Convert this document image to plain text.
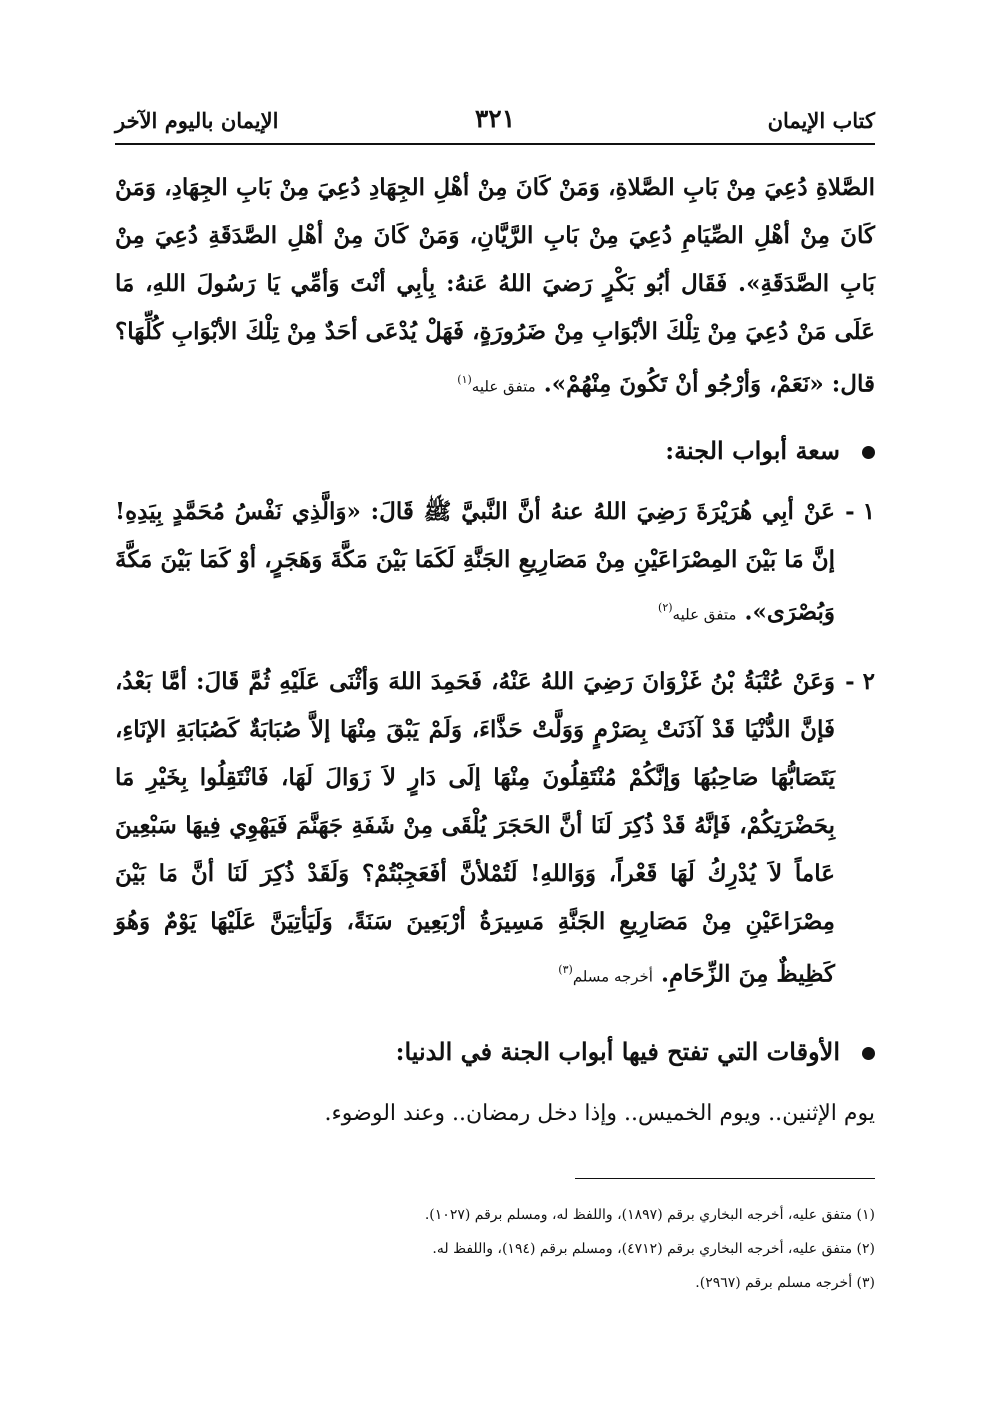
كتاب الإيمان
٣٢١
الإيمان باليوم الآخر
الصَّلاةِ دُعِيَ مِنْ بَابِ الصَّلاةِ، وَمَنْ كَانَ مِنْ أهْلِ الجِهَادِ دُعِيَ مِنْ بَابِ الجِهَادِ، وَمَنْ كَانَ مِنْ أهْلِ الصِّيَامِ دُعِيَ مِنْ بَابِ الرَّيَّانِ، وَمَنْ كَانَ مِنْ أهْلِ الصَّدَقَةِ دُعِيَ مِنْ بَابِ الصَّدَقَةِ». فَقَال أبُو بَكْرٍ رَضيَ اللهُ عَنهُ: بِأبِي أنْتَ وَأمِّي يَا رَسُولَ اللهِ، مَا عَلَى مَنْ دُعِيَ مِنْ تِلْكَ الأبْوَابِ مِنْ ضَرُورَةٍ، فَهَلْ يُدْعَى أحَدٌ مِنْ تِلْكَ الأبْوَابِ كُلِّهَا؟ قال: «نَعَمْ، وَأرْجُو أنْ تَكُونَ مِنْهُمْ». متفق عليه$^{(١)}$
سعة أبواب الجنة:
١ -
عَنْ أبِي هُرَيْرَةَ رَضِيَ اللهُ عنهُ أنَّ النَّبيَّ ﷺ قَالَ: «وَالَّذِي نَفْسُ مُحَمَّدٍ بِيَدِهِ! إنَّ مَا بَيْنَ المِصْرَاعَيْنِ مِنْ مَصَارِيعِ الجَنَّةِ لَكَمَا بَيْنَ مَكَّةَ وَهَجَرٍ، أوْ كَمَا بَيْنَ مَكَّةَ وَبُصْرَى». متفق عليه$^{(٢)}$
٢ -
وَعَنْ عُتْبَةُ بْنُ غَزْوَانَ رَضِيَ اللهُ عَنْهُ، فَحَمِدَ اللهَ وَأثْنَى عَلَيْهِ ثُمَّ قَالَ: أمَّا بَعْدُ، فَإنَّ الدُّنْيَا قَدْ آذَنَتْ بِصَرْمٍ وَوَلَّتْ حَذَّاءَ، وَلَمْ يَبْقَ مِنْهَا إلاَّ صُبَابَةٌ كَصُبَابَةِ الإنَاءِ، يَتَصَابُّهَا صَاحِبُهَا وَإنَّكُمْ مُنْتَقِلُونَ مِنْهَا إلَى دَارٍ لاَ زَوَالَ لَهَا، فَانْتَقِلُوا بِخَيْرِ مَا بِحَضْرَتِكُمْ، فَإنَّهُ قَدْ ذُكِرَ لَنَا أنَّ الحَجَرَ يُلْقَى مِنْ شَفَةِ جَهَنَّمَ فَيَهْوِي فِيهَا سَبْعِينَ عَاماً لاَ يُدْرِكُ لَهَا قَعْراً، وَوَاللهِ! لَتُمْلأنَّ أفَعَجِبْتُمْ؟ وَلَقَدْ ذُكِرَ لَنَا أنَّ مَا بَيْنَ مِصْرَاعَيْنِ مِنْ مَصَارِيعِ الجَنَّةِ مَسِيرَةُ أرْبَعِينَ سَنَةً، وَلَيَأتِيَنَّ عَلَيْهَا يَوْمٌ وَهُوَ كَظِيظٌ مِنَ الزِّحَامِ. أخرجه مسلم$^{(٣)}$
الأوقات التي تفتح فيها أبواب الجنة في الدنيا:
يوم الإثنين.. ويوم الخميس.. وإذا دخل رمضان.. وعند الوضوء.
(١) متفق عليه، أخرجه البخاري برقم (١٨٩٧)، واللفظ له، ومسلم برقم (١٠٢٧).
(٢) متفق عليه، أخرجه البخاري برقم (٤٧١٢)، ومسلم برقم (١٩٤)، واللفظ له.
(٣) أخرجه مسلم برقم (٢٩٦٧).
